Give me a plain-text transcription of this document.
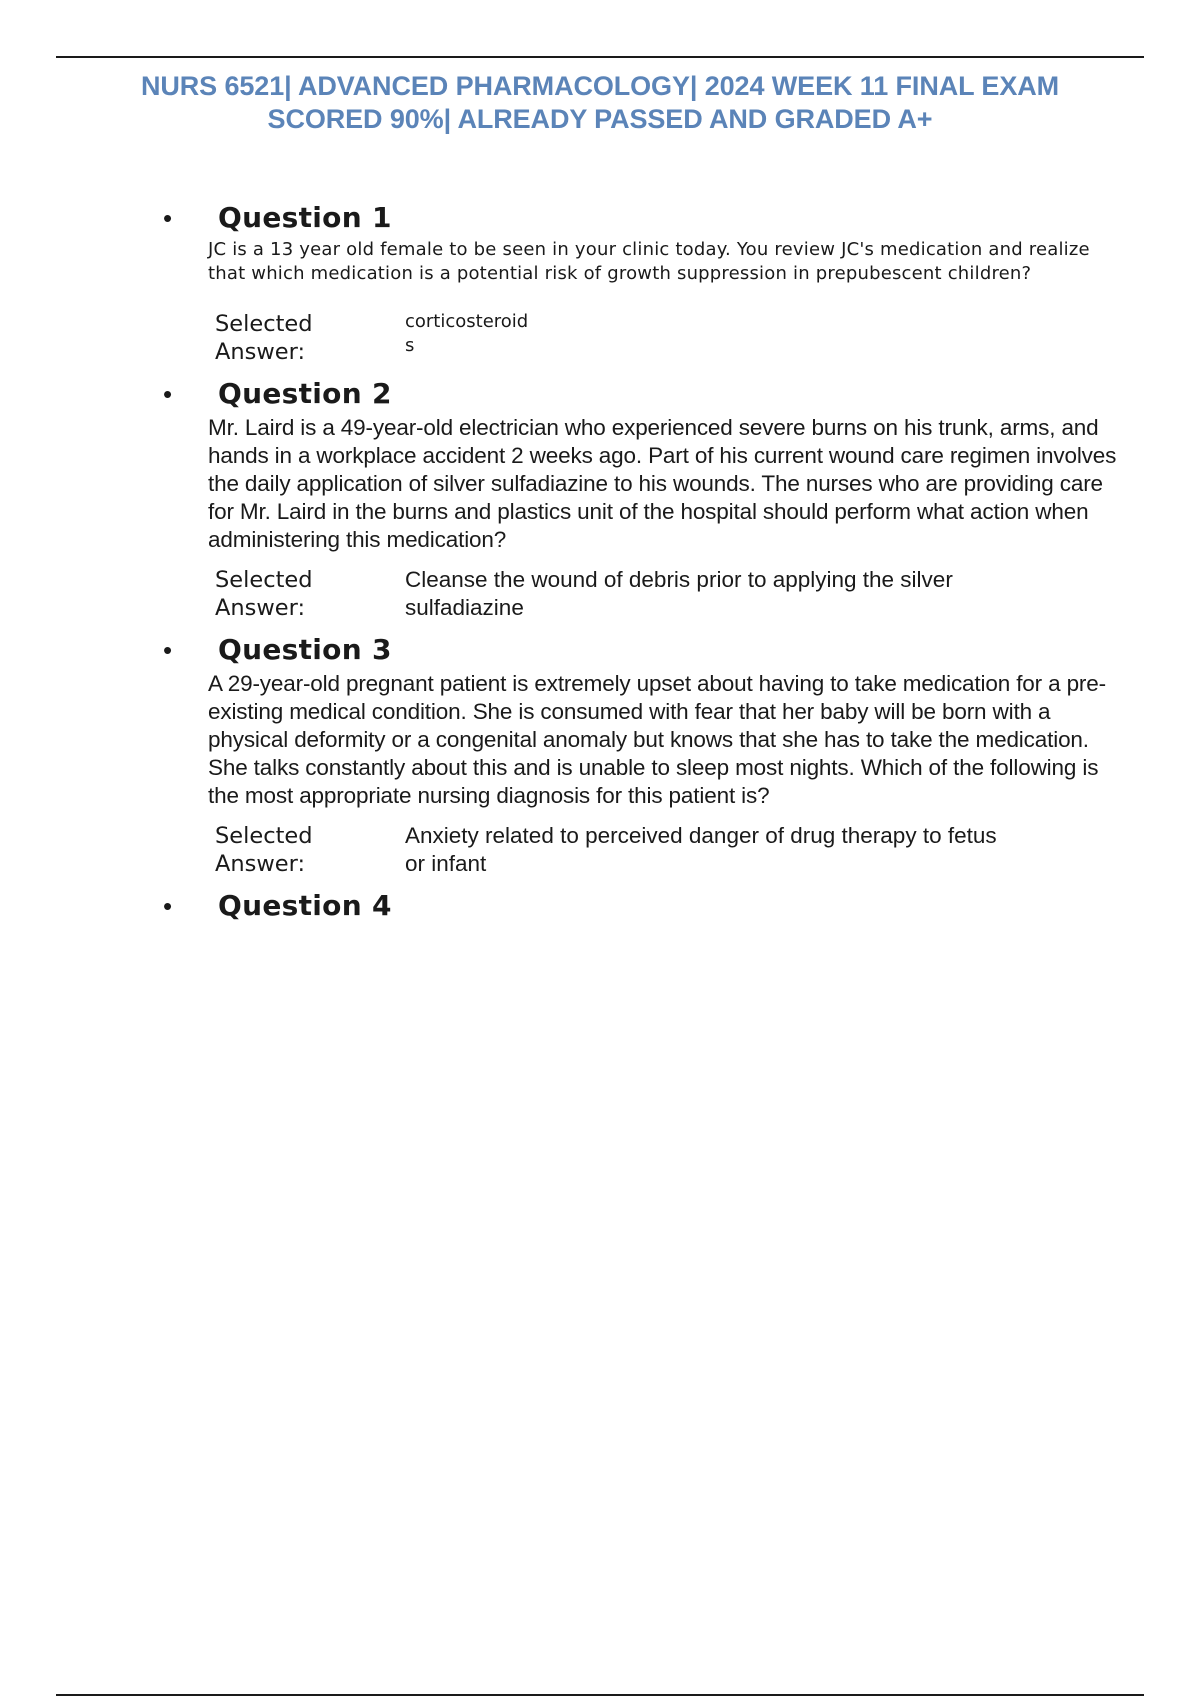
NURS 6521| ADVANCED PHARMACOLOGY| 2024 WEEK 11 FINAL EXAM
SCORED 90%| ALREADY PASSED AND GRADED A+
• Question 1

JC is a 13 year old female to be seen in your clinic today. You review JC's medication and realize that which medication is a potential risk of growth suppression in prepubescent children?

Selected
Answer:
corticosteroids
• Question 2

Mr. Laird is a 49-year-old electrician who experienced severe burns on his trunk, arms, and hands in a workplace accident 2 weeks ago. Part of his current wound care regimen involves the daily application of silver sulfadiazine to his wounds. The nurses who are providing care for Mr. Laird in the burns and plastics unit of the hospital should perform what action when administering this medication?

Selected
Answer:
Cleanse the wound of debris prior to applying the silver sulfadiazine
• Question 3

A 29-year-old pregnant patient is extremely upset about having to take medication for a pre-existing medical condition. She is consumed with fear that her baby will be born with a physical deformity or a congenital anomaly but knows that she has to take the medication. She talks constantly about this and is unable to sleep most nights. Which of the following is the most appropriate nursing diagnosis for this patient is?

Selected
Answer:
Anxiety related to perceived danger of drug therapy to fetus or infant
• Question 4
